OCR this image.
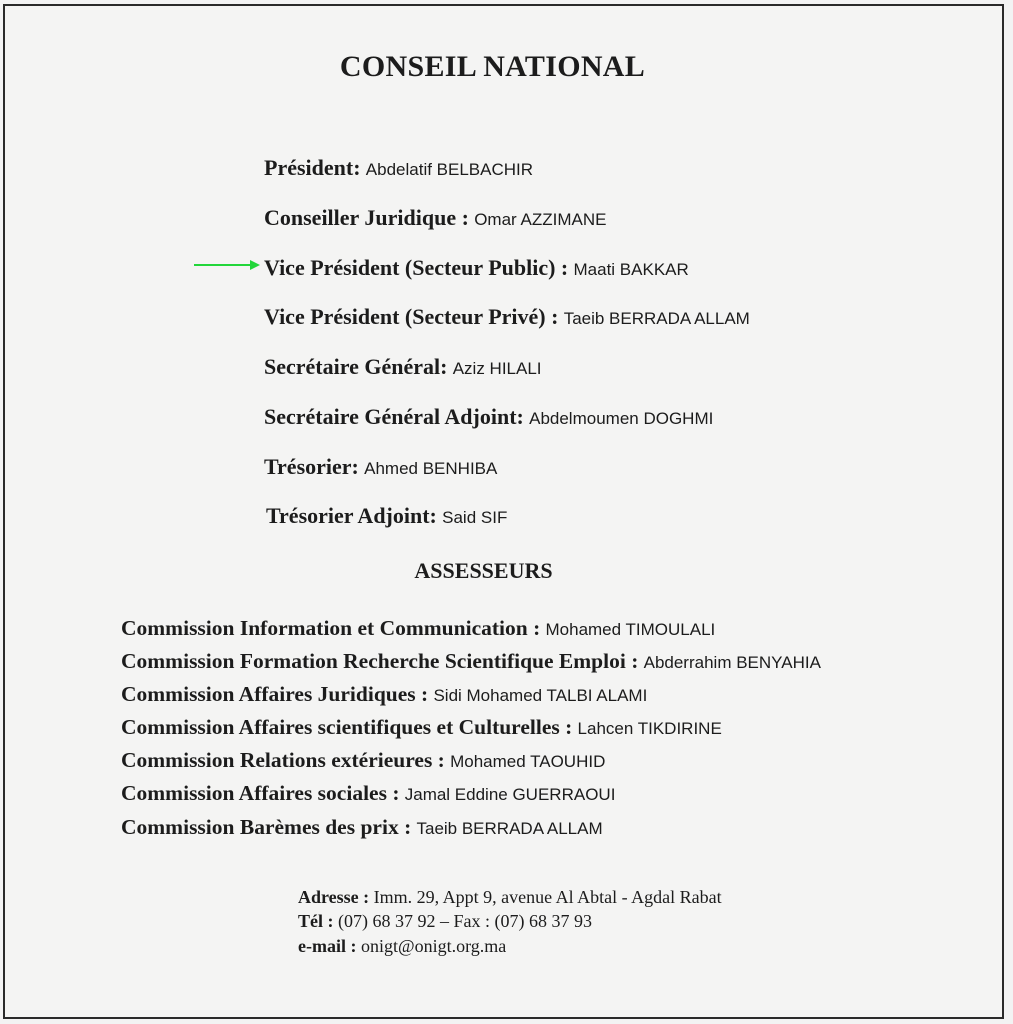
CONSEIL NATIONAL
Président: Abdelatif BELBACHIR
Conseiller Juridique : Omar AZZIMANE
Vice Président (Secteur Public) : Maati BAKKAR
Vice Président (Secteur Privé) : Taeib BERRADA ALLAM
Secrétaire Général: Aziz HILALI
Secrétaire Général Adjoint: Abdelmoumen DOGHMI
Trésorier: Ahmed BENHIBA
Trésorier Adjoint: Said SIF
ASSESSEURS
Commission Information et Communication : Mohamed TIMOULALI
Commission Formation Recherche Scientifique Emploi : Abderrahim BENYAHIA
Commission Affaires Juridiques : Sidi Mohamed TALBI ALAMI
Commission Affaires scientifiques et Culturelles : Lahcen TIKDIRINE
Commission Relations extérieures : Mohamed TAOUHID
Commission Affaires sociales : Jamal Eddine GUERRAOUI
Commission Barèmes des prix : Taeib BERRADA ALLAM
Adresse : Imm. 29, Appt 9, avenue Al Abtal - Agdal Rabat
Tél : (07) 68 37 92 – Fax : (07) 68 37 93
e-mail : onigt@onigt.org.ma
